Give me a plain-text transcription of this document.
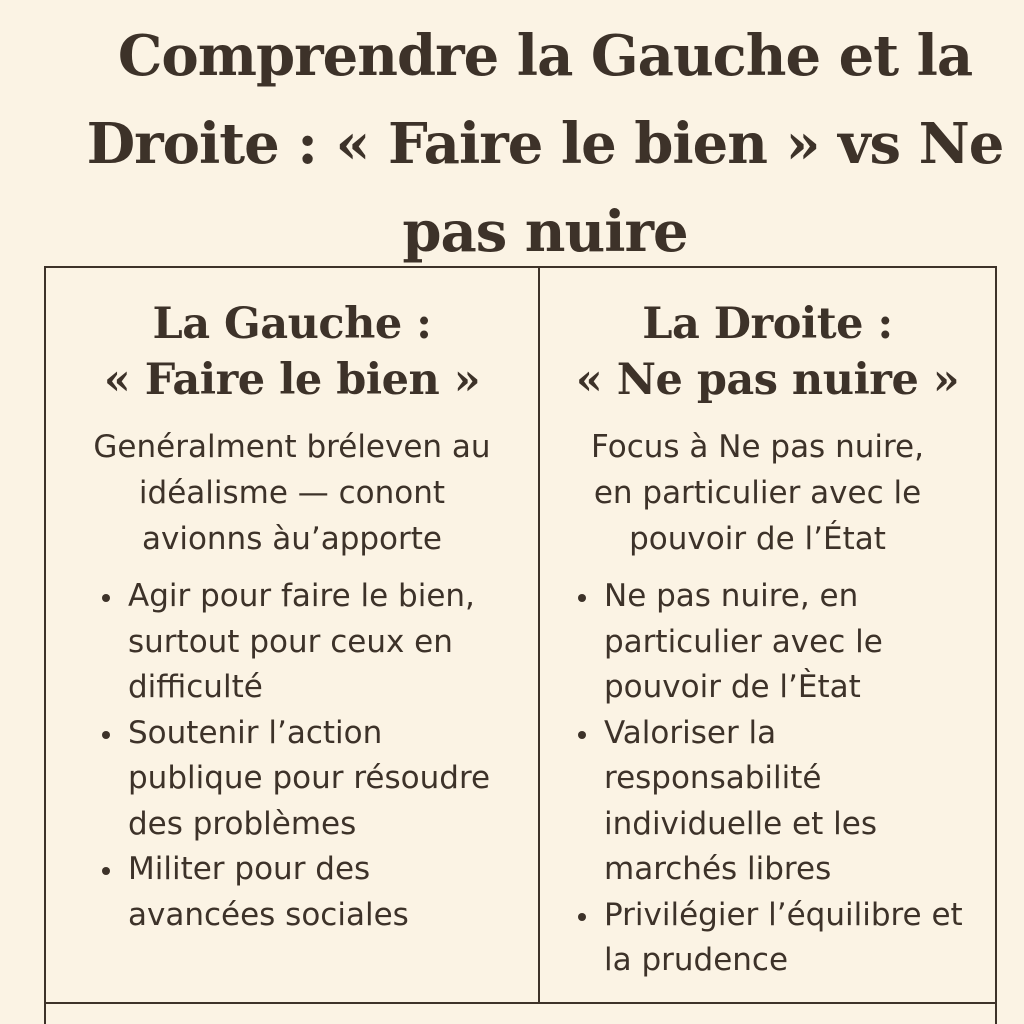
Comprendre la Gauche et la Droite : « Faire le bien » vs Ne pas nuire
La Gauche :
« Faire le bien »

Genéralment bréleven au idéalisme — conont avionns àu’apporte

Agir pour faire le bien, surtout pour ceux en difficulté
Soutenir l’action publique pour résoudre des problèmes
Militer pour des avancées sociales
La Droite :
« Ne pas nuire »

Focus à Ne pas nuire, en particulier avec le pouvoir de l’État

Ne pas nuire, en particulier avec le pouvoir de l’Ètat
Valoriser la responsabilité individuelle et les marchés libres
Privilégier l’équilibre et la prudence
